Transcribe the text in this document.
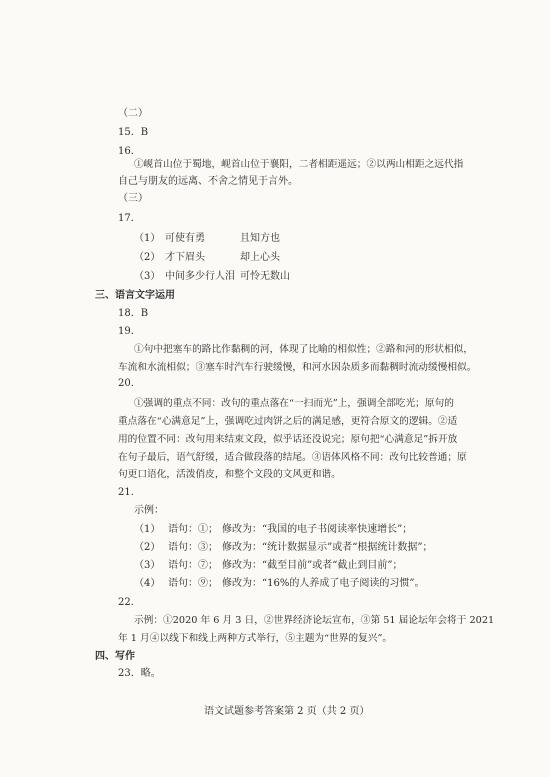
（二）
15．B
16．
①岘首山位于蜀地，岘首山位于襄阳，二者相距遥远；②以两山相距之远代指
自己与朋友的远离、不舍之情见于言外。
（三）
17．
（1） 可使有勇	且知方也
（2） 才下眉头	却上心头
（3） 中间多少行人泪 可怜无数山
三、语言文字运用
18．B
19．
①句中把塞车的路比作黏稠的河，体现了比喻的相似性；②路和河的形状相似，
车流和水流相似；③塞车时汽车行驶缓慢，和河水因杂质多而黏稠时流动缓慢相似。
20．
①强调的重点不同：改句的重点落在“一扫而光”上，强调全部吃光；原句的
重点落在“心满意足”上，强调吃过肉饼之后的满足感，更符合原文的逻辑。②适
用的位置不同：改句用来结束文段，似乎话还没说完；原句把“心满意足”拆开放
在句子最后，语气舒缓，适合做段落的结尾。③语体风格不同：改句比较普通；原
句更口语化，活泼俏皮，和整个文段的文风更和谐。
21．
示例：
（1） 语句：①； 修改为：“我国的电子书阅读率快速增长”；
（2） 语句：③； 修改为：“统计数据显示”或者“根据统计数据”；
（3） 语句：⑦； 修改为：“截至目前”或者“截止到目前”；
（4） 语句：⑨； 修改为：“16%的人养成了电子阅读的习惯”。
22．
示例：①2020 年 6 月 3 日，②世界经济论坛宣布，③第 51 届论坛年会将于 2021
年 1 月④以线下和线上两种方式举行，⑤主题为“世界的复兴”。
四、写作
23．略。
语文试题参考答案第 2 页（共 2 页）
